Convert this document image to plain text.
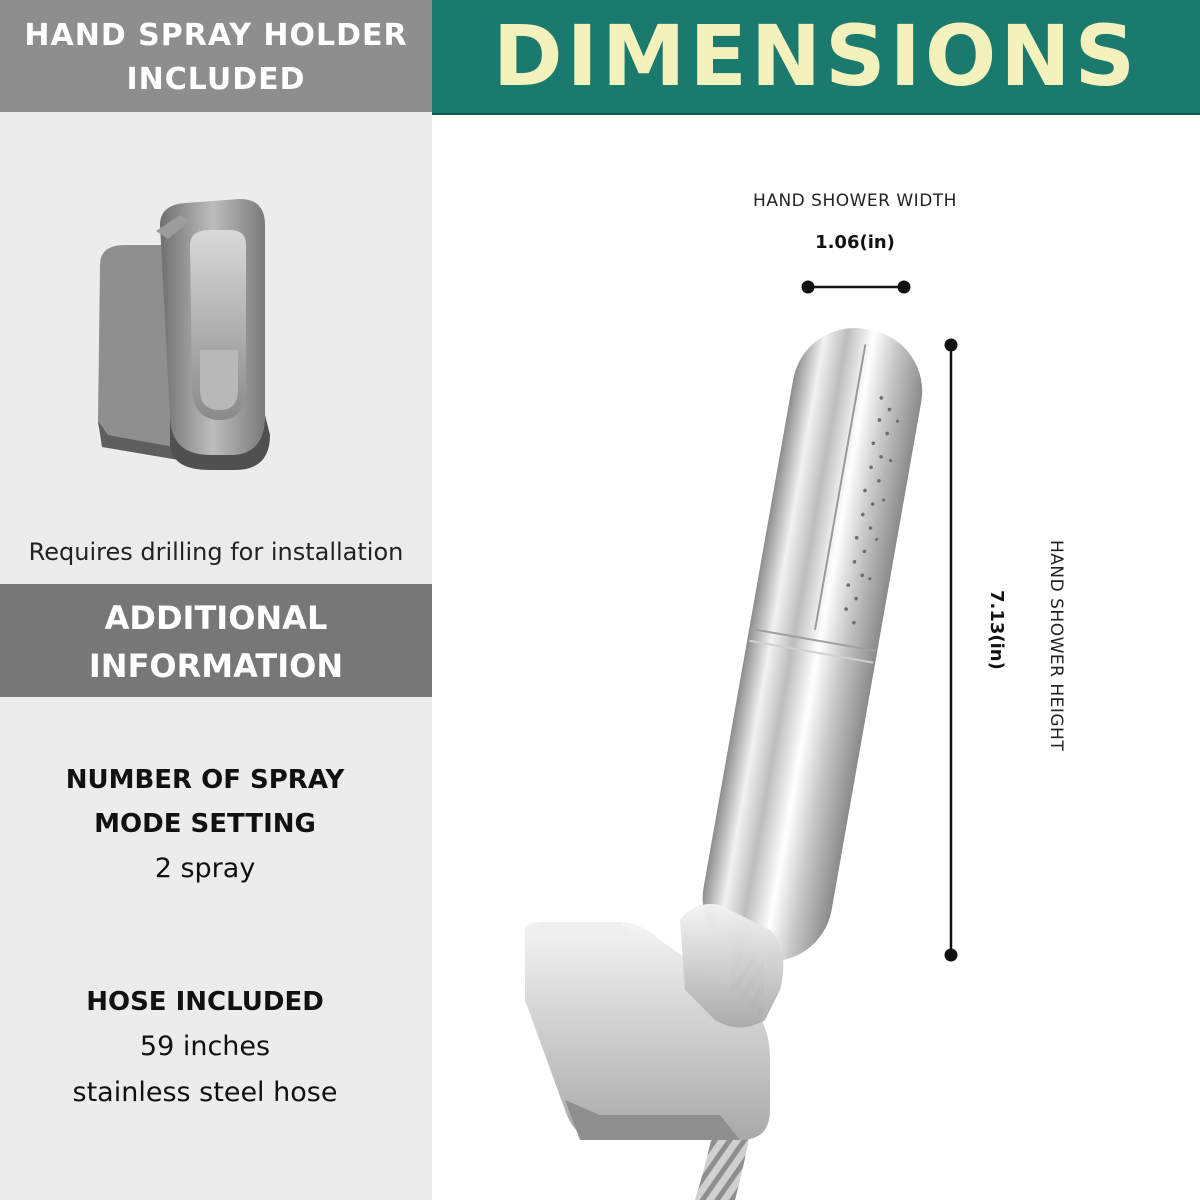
HAND SPRAY HOLDER
INCLUDED
Requires drilling for installation
ADDITIONAL
INFORMATION
NUMBER OF SPRAY
MODE SETTING
2 spray
HOSE INCLUDED
59 inches
stainless steel hose
DIMENSIONS
HAND SHOWER WIDTH
1.06(in)
7.13(in) HAND SHOWER HEIGHT
